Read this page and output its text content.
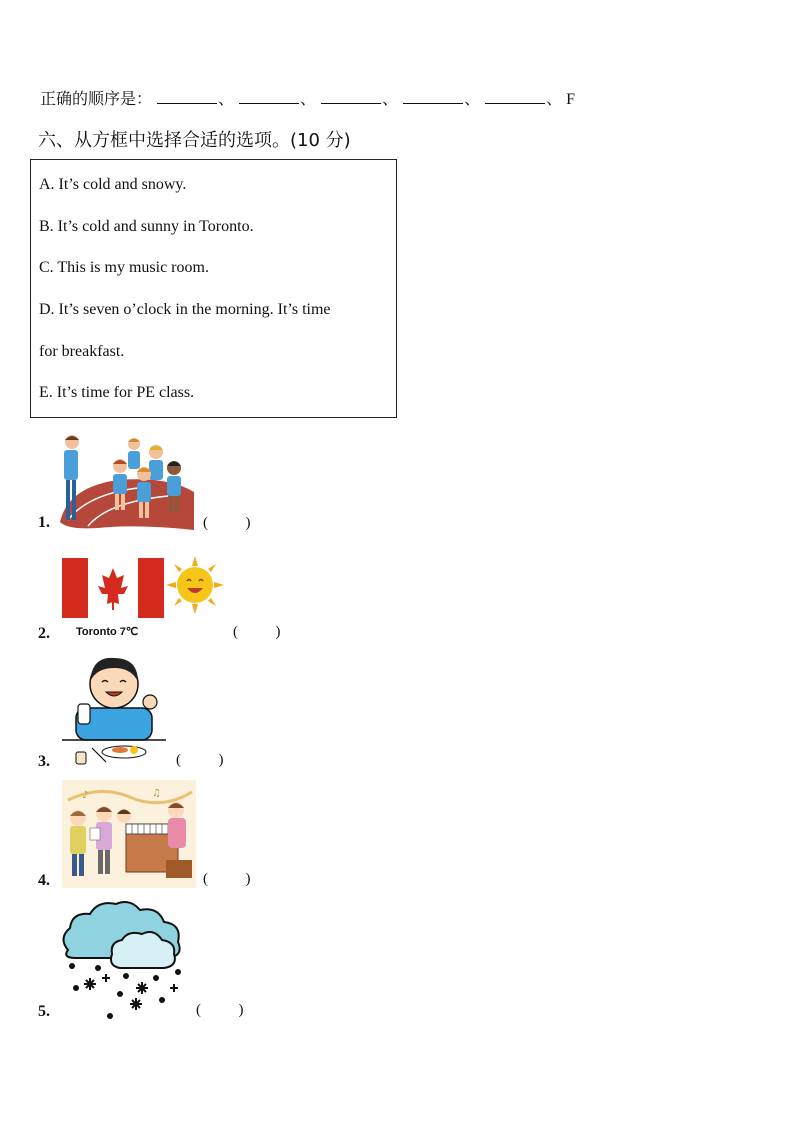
正确的顺序是：	、	、	、	、	、 F
六、从方框中选择合适的选项。(10 分)
A. It’s cold and snowy.
B. It’s cold and sunny in Toronto.
C. This is my music room.
D. It’s seven o’clock in the morning. It’s time
for breakfast.
E. It’s time for PE class.
1.	(          )
2. Toronto 7℃	(          )
3.	(          )
4.
♪	♫
(          )
5.	(          )
